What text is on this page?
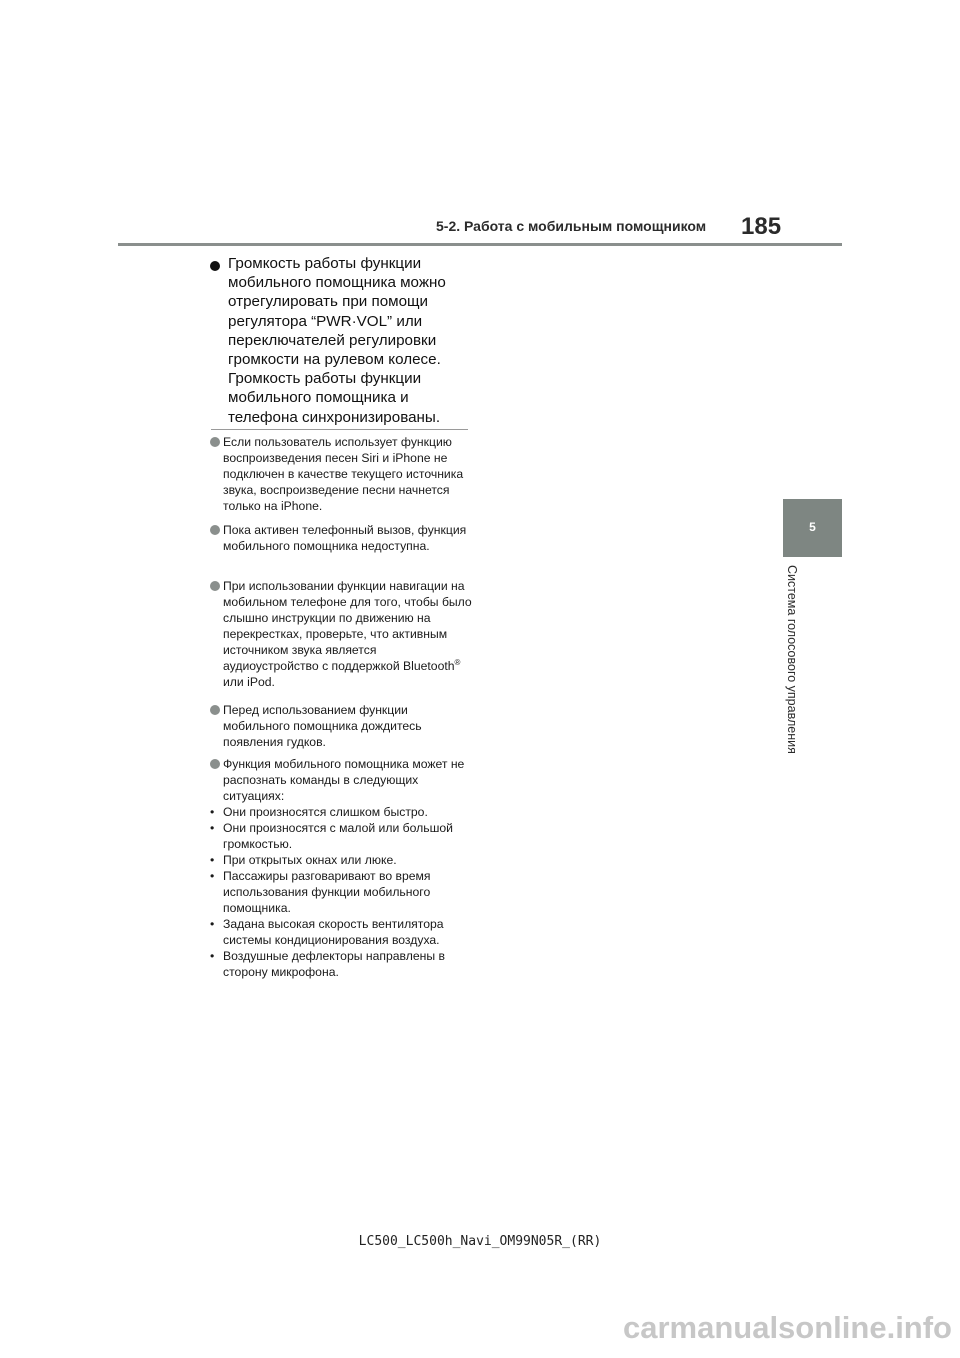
5-2. Работа с мобильным помощником 185
Громкость работы функции мобильного помощника можно отрегулировать при помощи регулятора “PWR·VOL” или переключателей регулировки громкости на рулевом колесе. Громкость работы функции мобильного помощника и телефона синхронизированы.
Если пользователь использует функцию воспроизведения песен Siri и iPhone не подключен в качестве текущего источника звука, воспроизведение песни начнется только на iPhone.
Пока активен телефонный вызов, функция мобильного помощника недоступна.
При использовании функции навигации на мобильном телефоне для того, чтобы было слышно инструкции по движению на перекрестках, проверьте, что активным источником звука является аудиоустройство с поддержкой Bluetooth® или iPod.
Перед использованием функции мобильного помощника дождитесь появления гудков.
Функция мобильного помощника может не распознать команды в следующих ситуациях:
• Они произносятся слишком быстро.
• Они произносятся с малой или большой громкостью.
• При открытых окнах или люке.
• Пассажиры разговаривают во время использования функции мобильного помощника.
• Задана высокая скорость вентилятора системы кондиционирования воздуха.
• Воздушные дефлекторы направлены в сторону микрофона.
5
Система голосового управления
LC500_LC500h_Navi_OM99N05R_(RR)
carmanualsonline.info
